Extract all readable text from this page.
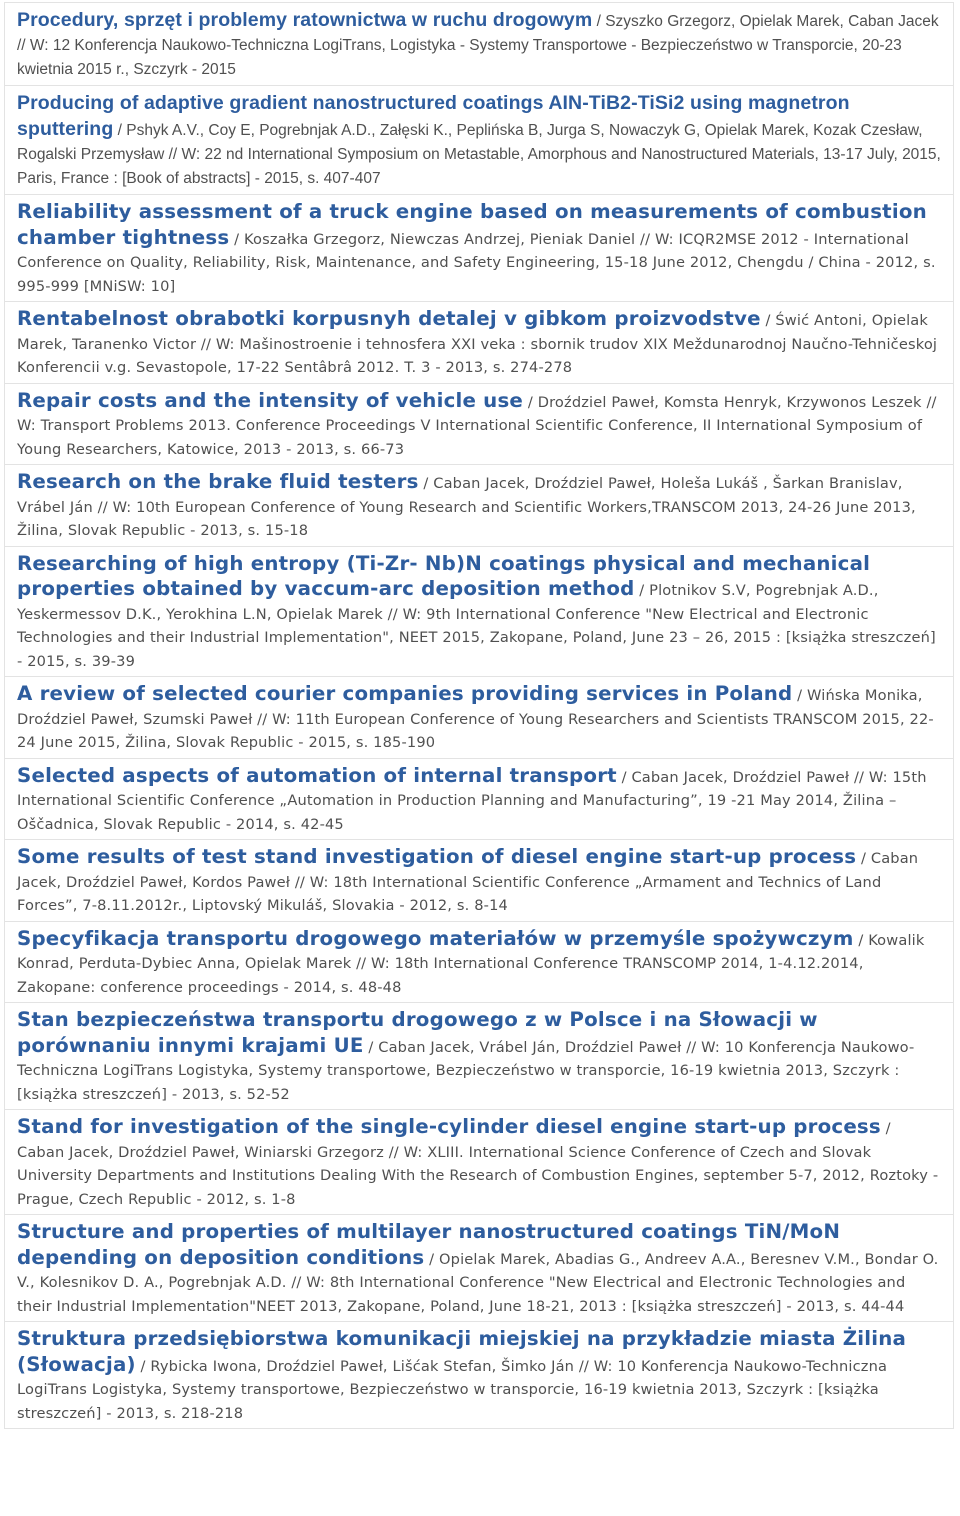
Procedury, sprzęt i problemy ratownictwa w ruchu drogowym / Szyszko Grzegorz, Opielak Marek, Caban Jacek // W: 12 Konferencja Naukowo-Techniczna LogiTrans, Logistyka - Systemy Transportowe - Bezpieczeństwo w Transporcie, 20-23 kwietnia 2015 r., Szczyrk - 2015
Producing of adaptive gradient nanostructured coatings AIN-TiB2-TiSi2 using magnetron sputtering / Pshyk A.V., Coy E, Pogrebnjak A.D., Załęski K., Peplińska B, Jurga S, Nowaczyk G, Opielak Marek, Kozak Czesław, Rogalski Przemysław // W: 22 nd International Symposium on Metastable, Amorphous and Nanostructured Materials, 13-17 July, 2015, Paris, France : [Book of abstracts] - 2015, s. 407-407
Reliability assessment of a truck engine based on measurements of combustion chamber tightness / Koszałka Grzegorz, Niewczas Andrzej, Pieniak Daniel // W: ICQR2MSE 2012 - International Conference on Quality, Reliability, Risk, Maintenance, and Safety Engineering, 15-18 June 2012, Chengdu / China - 2012, s. 995-999 [MNiSW: 10]
Rentabelnost obrabotki korpusnyh detalej v gibkom proizvodstve / Świć Antoni, Opielak Marek, Taranenko Victor // W: Mašinostroenie i tehnosfera XXI veka : sbornik trudov XIX Meždunarodnoj Naučno-Tehničeskoj Konferencii v.g. Sevastopole, 17-22 Sentâbrâ 2012. T. 3 - 2013, s. 274-278
Repair costs and the intensity of vehicle use / Droździel Paweł, Komsta Henryk, Krzywonos Leszek // W: Transport Problems 2013. Conference Proceedings V International Scientific Conference, II International Symposium of Young Researchers, Katowice, 2013 - 2013, s. 66-73
Research on the brake fluid testers / Caban Jacek, Droździel Paweł, Holeša Lukáš , Šarkan Branislav, Vrábel Ján // W: 10th European Conference of Young Research and Scientific Workers,TRANSCOM 2013, 24-26 June 2013, Žilina, Slovak Republic - 2013, s. 15-18
Researching of high entropy (Ti-Zr- Nb)N coatings physical and mechanical properties obtained by vaccum-arc deposition method / Plotnikov S.V, Pogrebnjak A.D., Yeskermessov D.K., Yerokhina L.N, Opielak Marek // W: 9th International Conference "New Electrical and Electronic Technologies and their Industrial Implementation", NEET 2015, Zakopane, Poland, June 23 – 26, 2015 : [książka streszczeń] - 2015, s. 39-39
A review of selected courier companies providing services in Poland / Wińska Monika, Droździel Paweł, Szumski Paweł // W: 11th European Conference of Young Researchers and Scientists TRANSCOM 2015, 22-24 June 2015, Žilina, Slovak Republic - 2015, s. 185-190
Selected aspects of automation of internal transport / Caban Jacek, Droździel Paweł // W: 15th International Scientific Conference „Automation in Production Planning and Manufacturing”, 19 -21 May 2014, Žilina – Oščadnica, Slovak Republic - 2014, s. 42-45
Some results of test stand investigation of diesel engine start-up process / Caban Jacek, Droździel Paweł, Kordos Paweł // W: 18th International Scientific Conference „Armament and Technics of Land Forces”, 7-8.11.2012r., Liptovský Mikuláš, Slovakia - 2012, s. 8-14
Specyfikacja transportu drogowego materiałów w przemyśle spożywczym / Kowalik Konrad, Perduta-Dybiec Anna, Opielak Marek // W: 18th International Conference TRANSCOMP 2014, 1-4.12.2014, Zakopane: conference proceedings - 2014, s. 48-48
Stan bezpieczeństwa transportu drogowego z w Polsce i na Słowacji w porównaniu innymi krajami UE / Caban Jacek, Vrábel Ján, Droździel Paweł // W: 10 Konferencja Naukowo-Techniczna LogiTrans Logistyka, Systemy transportowe, Bezpieczeństwo w transporcie, 16-19 kwietnia 2013, Szczyrk : [książka streszczeń] - 2013, s. 52-52
Stand for investigation of the single-cylinder diesel engine start-up process / Caban Jacek, Droździel Paweł, Winiarski Grzegorz // W: XLIII. International Science Conference of Czech and Slovak University Departments and Institutions Dealing With the Research of Combustion Engines, september 5-7, 2012, Roztoky - Prague, Czech Republic - 2012, s. 1-8
Structure and properties of multilayer nanostructured coatings TiN/MoN depending on deposition conditions / Opielak Marek, Abadias G., Andreev A.A., Beresnev V.M., Bondar O. V., Kolesnikov D. A., Pogrebnjak A.D. // W: 8th International Conference "New Electrical and Electronic Technologies and their Industrial Implementation"NEET 2013, Zakopane, Poland, June 18-21, 2013 : [książka streszczeń] - 2013, s. 44-44
Struktura przedsiębiorstwa komunikacji miejskiej na przykładzie miasta Żilina (Słowacja) / Rybicka Iwona, Droździel Paweł, Lišćak Stefan, Šimko Ján // W: 10 Konferencja Naukowo-Techniczna LogiTrans Logistyka, Systemy transportowe, Bezpieczeństwo w transporcie, 16-19 kwietnia 2013, Szczyrk : [książka streszczeń] - 2013, s. 218-218
